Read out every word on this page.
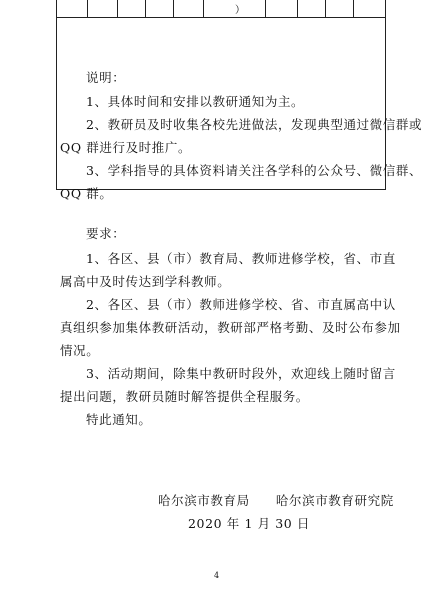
）
说明：
1、具体时间和安排以教研通知为主。
2、教研员及时收集各校先进做法，发现典型通过微信群或
QQ 群进行及时推广。
3、学科指导的具体资料请关注各学科的公众号、微信群、
QQ 群。
要求：
1、各区、县（市）教育局、教师进修学校，省、市直
属高中及时传达到学科教师。
2、各区、县（市）教师进修学校、省、市直属高中认
真组织参加集体教研活动，教研部严格考勤、及时公布参加
情况。
3、活动期间，除集中教研时段外，欢迎线上随时留言
提出问题，教研员随时解答提供全程服务。
特此通知。
哈尔滨市教育局　　哈尔滨市教育研究院
2020 年 1 月 30 日
4
